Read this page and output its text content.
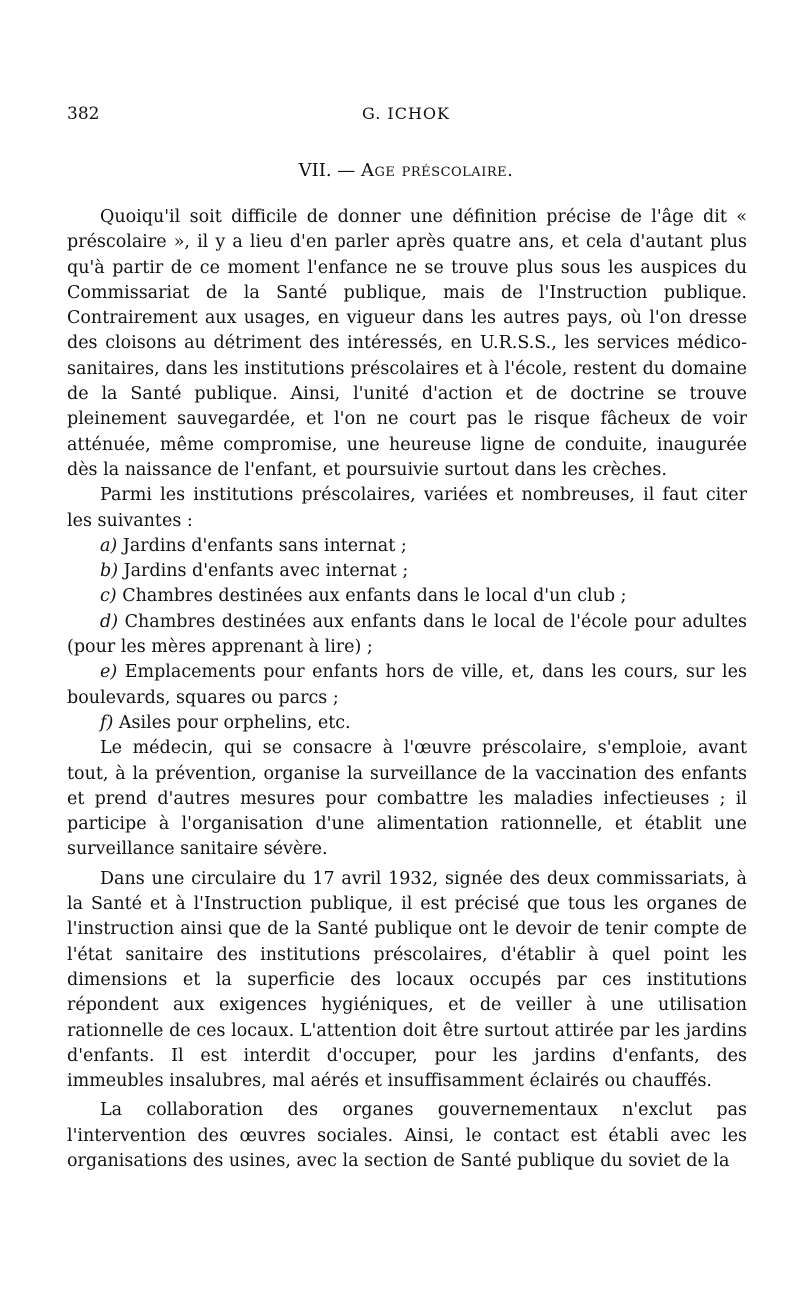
382	G. ICHOK
VII. — Age préscolaire.

Quoiqu'il soit difficile de donner une définition précise de l'âge dit « préscolaire », il y a lieu d'en parler après quatre ans, et cela d'autant plus qu'à partir de ce moment l'enfance ne se trouve plus sous les auspices du Commissariat de la Santé publique, mais de l'Instruction publique. Contrairement aux usages, en vigueur dans les autres pays, où l'on dresse des cloisons au détriment des intéressés, en U.R.S.S., les services médico-sanitaires, dans les institutions préscolaires et à l'école, restent du domaine de la Santé publique. Ainsi, l'unité d'action et de doctrine se trouve pleinement sauvegardée, et l'on ne court pas le risque fâcheux de voir atténuée, même compromise, une heureuse ligne de conduite, inaugurée dès la naissance de l'enfant, et poursuivie surtout dans les crèches.

Parmi les institutions préscolaires, variées et nombreuses, il faut citer les suivantes :

a) Jardins d'enfants sans internat ;

b) Jardins d'enfants avec internat ;

c) Chambres destinées aux enfants dans le local d'un club ;

d) Chambres destinées aux enfants dans le local de l'école pour adultes (pour les mères apprenant à lire) ;

e) Emplacements pour enfants hors de ville, et, dans les cours, sur les boulevards, squares ou parcs ;

f) Asiles pour orphelins, etc.

Le médecin, qui se consacre à l'œuvre préscolaire, s'emploie, avant tout, à la prévention, organise la surveillance de la vaccination des enfants et prend d'autres mesures pour combattre les maladies infectieuses ; il participe à l'organisation d'une alimentation rationnelle, et établit une surveillance sanitaire sévère.

Dans une circulaire du 17 avril 1932, signée des deux commissariats, à la Santé et à l'Instruction publique, il est précisé que tous les organes de l'instruction ainsi que de la Santé publique ont le devoir de tenir compte de l'état sanitaire des institutions préscolaires, d'établir à quel point les dimensions et la superficie des locaux occupés par ces institutions répondent aux exigences hygiéniques, et de veiller à une utilisation rationnelle de ces locaux. L'attention doit être surtout attirée par les jardins d'enfants. Il est interdit d'occuper, pour les jardins d'enfants, des immeubles insalubres, mal aérés et insuffisamment éclairés ou chauffés.

La collaboration des organes gouvernementaux n'exclut pas l'intervention des œuvres sociales. Ainsi, le contact est établi avec les organisations des usines, avec la section de Santé publique du soviet de la
